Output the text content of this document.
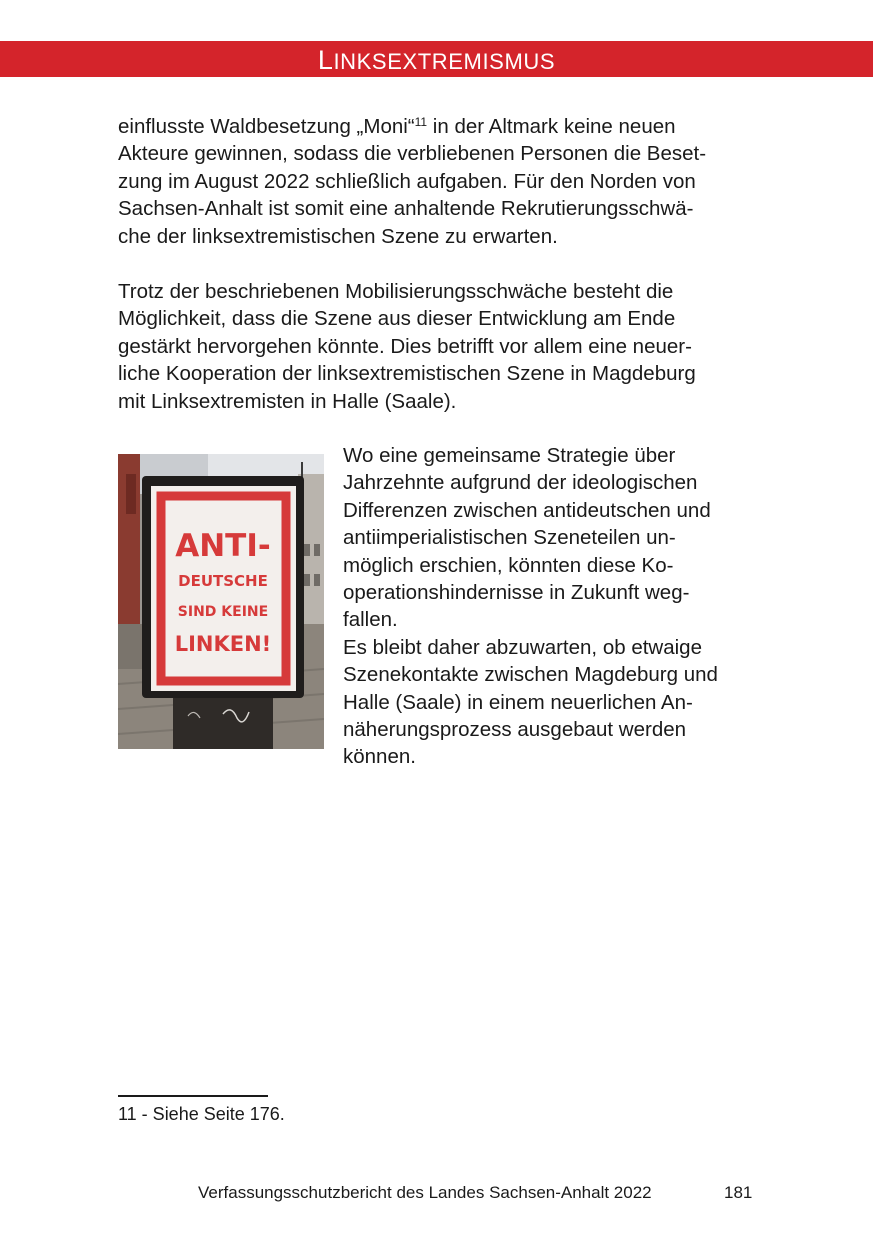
LINKSEXTREMISMUS
einflusste Waldbesetzung „Moni“$^{11}$ in der Altmark keine neuen
Akteure gewinnen, sodass die verbliebenen Personen die Beset-
zung im August 2022 schließlich aufgaben. Für den Norden von
Sachsen-Anhalt ist somit eine anhaltende Rekrutierungsschwä-
che der linksextremistischen Szene zu erwarten.
Trotz der beschriebenen Mobilisierungsschwäche besteht die
Möglichkeit, dass die Szene aus dieser Entwicklung am Ende
gestärkt hervorgehen könnte. Dies betrifft vor allem eine neuer-
liche Kooperation der linksextremistischen Szene in Magdeburg
mit Linksextremisten in Halle (Saale).
ANTI-
DEUTSCHE
SIND KEINE
LINKEN!
Wo eine gemeinsame Strategie über
Jahrzehnte aufgrund der ideologischen
Differenzen zwischen antideutschen und
antiimperialistischen Szeneteilen un-
möglich erschien, könnten diese Ko-
operationshindernisse in Zukunft weg-
fallen.
Es bleibt daher abzuwarten, ob etwaige
Szenekontakte zwischen Magdeburg und
Halle (Saale) in einem neuerlichen An-
näherungsprozess ausgebaut werden
können.
11 - Siehe Seite 176.
Verfassungsschutzbericht des Landes Sachsen-Anhalt 2022	181
